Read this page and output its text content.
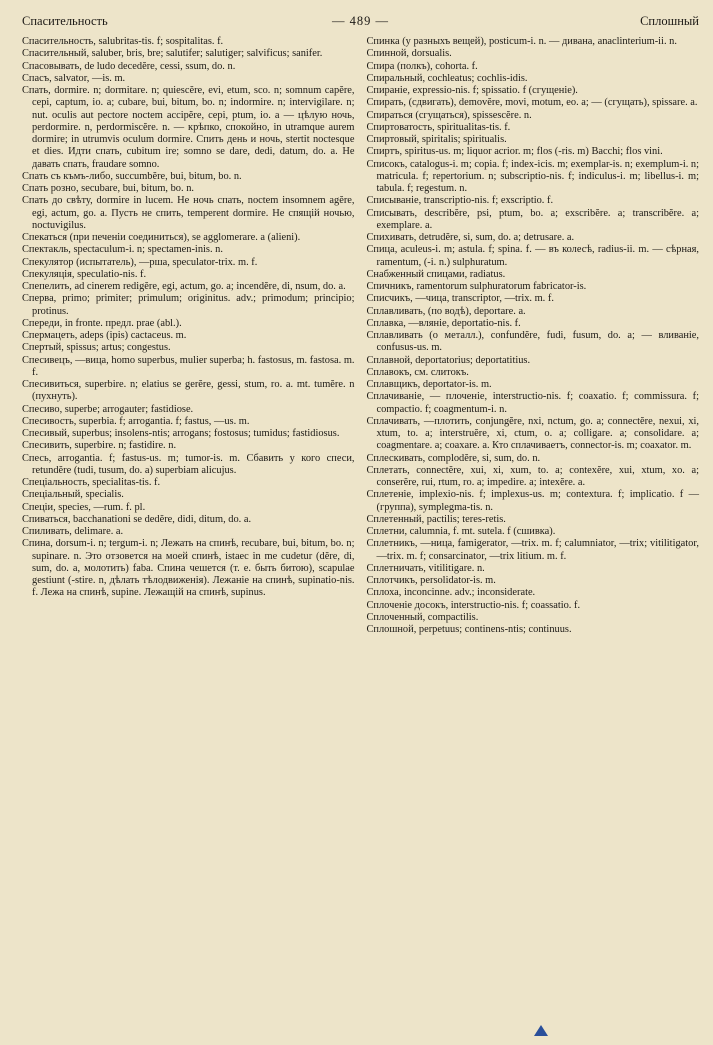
Спасительность	— 489 —	Сплошный

Спасительность, salubritas-tis. f; sospitalitas. f.

Спасительный, saluber, bris, bre; salutifer; salutiger; salvificus; sanifer.

Спасовывать, de ludo decedĕre, cessi, ssum, do. n.

Спасъ, salvator, —is. m.

Спать, dormire. n; dormitare. n; quiescĕre, evi, etum, sco. n; somnum capĕre, cepi, captum, io. a; cubare, bui, bitum, bo. n; indormire. n; intervigilare. n; nut. oculis aut pectore noctem accipĕre, cepi, ptum, io. a — цѣлую ночь, perdormire. n, perdormiscĕre. n. — крѣпко, спокойно, in utramque aurem dormire; in utrumvis oculum dormire. Спить день и ночь, stertit noctesque et dies. Идти спать, cubitum ire; somno se dare, dedi, datum, do. a. Не давать спать, fraudare somno.

Спать съ къмъ-либо, succumbĕre, bui, bitum, bo. n.

Спать розно, secubare, bui, bitum, bo. n.

Спать до свѣту, dormire in lucem. Не ночь спать, noctem insomnem agĕre, egi, actum, go. a. Пусть не спить, temperent dormire. Не спящій ночью, noctuvigilus.

Спекаться (при печеніи соединиться), se agglomerare. a (alieni).

Спектакль, spectaculum-i. n; spectamen-inis. n.

Спекулятор (испытатель), —рша, speculator-trix. m. f.

Спекуляція, speculatio-nis. f.

Спепелить, ad cinerem redigĕre, egi, actum, go. a; incendĕre, di, nsum, do. a.

Сперва, primo; primiter; primulum; originitus. adv.; primodum; principio; protinus.

Спереди, in fronte. предл. prae (abl.).

Спермацеть, adeps (ipis) cactaceus. m.

Спертый, spissus; artus; congestus.

Спесивецъ, —вица, homo superbus, mulier superba; h. fastosus, m. fastosa. m. f.

Спесивиться, superbire. n; elatius se gerĕre, gessi, stum, ro. a. mt. tumĕre. n (пухнуть).

Спесиво, superbe; arrogauter; fastidiose.

Спесивость, superbia. f; arrogantia. f; fastus, —us. m.

Спесивый, superbus; insolens-ntis; arrogans; fostosus; tumidus; fastidiosus.

Спесивить, superbire. n; fastidire. n.

Спесь, arrogantia. f; fastus-us. m; tumor-is. m. Сбавить у кого спеси, retundĕre (tudi, tusum, do. a) superbiam alicujus.

Спеціальность, specialitas-tis. f.

Спеціальный, specialis.

Спеціи, species, —rum. f. pl.

Спиваться, bacchanationi se dedĕre, didi, ditum, do. a.

Спиливать, delimare. a.

Спина, dorsum-i. n; tergum-i. n; Лежать на спинѣ, recubare, bui, bitum, bo. n; supinare. n. Это отзовется на моей спинѣ, istaec in me cudetur (dĕre, di, sum, do. a, молотить) faba. Спина чешется (т. е. быть битою), scapulae gestiunt (-stire. n, дѣлать тѣлодвиженія). Лежаніе на спинѣ, supinatio-nis. f. Лежа на спинѣ, supine. Лежащій на спинѣ, supinus.

Спинка (у разныхъ вещей), posticum-i. n. — дивана, anaclinterium-ii. n.

Спинной, dorsualis.

Спира (полкъ), cohorta. f.

Спиральный, cochleatus; cochlis-idis.

Спираніе, expressio-nis. f; spissatio. f (сгущеніе).

Спирать, (сдвигать), demovĕre, movi, motum, eo. a; — (сгущать), spissare. a.

Спираться (сгущаться), spissescĕre. n.

Спиртоватость, spiritualitas-tis. f.

Спиртовый, spiritalis; spiritualis.

Спиртъ, spiritus-us. m; liquor acrior. m; flos (-ris. m) Bacchi; flos vini.

Списокъ, catalogus-i. m; copia. f; index-icis. m; exemplar-is. n; exemplum-i. n; matricula. f; repertorium. n; subscriptio-nis. f; indiculus-i. m; libellus-i. m; tabula. f; regestum. n.

Списываніе, transcriptio-nis. f; exscriptio. f.

Списывать, describĕre, psi, ptum, bo. a; exscribĕre. a; transcribĕre. a; exemplare. a.

Спихивать, detrudĕre, si, sum, do. a; detrusare. a.

Спица, aculeus-i. m; astula. f; spina. f. — въ колесѣ, radius-ii. m. — сѣрная, ramentum, (-i. n.) sulphuratum.

Снабженный спицами, radiatus.

Спичникъ, ramentorum sulphuratorum fabricator-is.

Списчикъ, —чица, transcriptor, —trix. m. f.

Сплавливать, (по водѣ), deportare. a.

Сплавка, —вляніе, deportatio-nis. f.

Сплавливать (о металл.), confundĕre, fudi, fusum, do. a; — вливаніе, confusus-us. m.

Сплавной, deportatorius; deportatitius.

Сплавокъ, см. слитокъ.

Сплавщикъ, deportator-is. m.

Сплачиваніе, — плоченіе, interstructio-nis. f; coaxatio. f; commissura. f; compactio. f; coagmentum-i. n.

Сплачивать, —плотить, conjungĕre, nxi, nctum, go. a; connectĕre, nexui, xi, xtum, to. a; interstruĕre, xi, ctum, o. a; colligare. a; consolidare. a; coagmentare. a; coaxare. a. Кто сплачиваетъ, connector-is. m; coaxator. m.

Сплескивать, complodĕre, si, sum, do. n.

Сплетать, connectĕre, xui, xi, xum, to. a; contexĕre, xui, xtum, xo. a; conserĕre, rui, rtum, ro. a; impedire. a; intexĕre. a.

Сплетеніе, implexio-nis. f; implexus-us. m; contextura. f; implicatio. f — (группа), symplegma-tis. n.

Сплетенный, pactilis; teres-retis.

Сплетни, calumnia, f. mt. sutela. f (сшивка).

Сплетникъ, —ница, famigerator, —trix. m. f; calumniator, —trix; vitilitigator, —trix. m. f; consarcinator, —trix litium. m. f.

Сплетничать, vitilitigare. n.

Сплотчикъ, persolidator-is. m.

Сплоха, inconcinne. adv.; inconsiderate.

Сплоченіе досокъ, interstructio-nis. f; coassatio. f.

Сплоченный, compactilis.

Сплошной, perpetuus; continens-ntis; continuus.
